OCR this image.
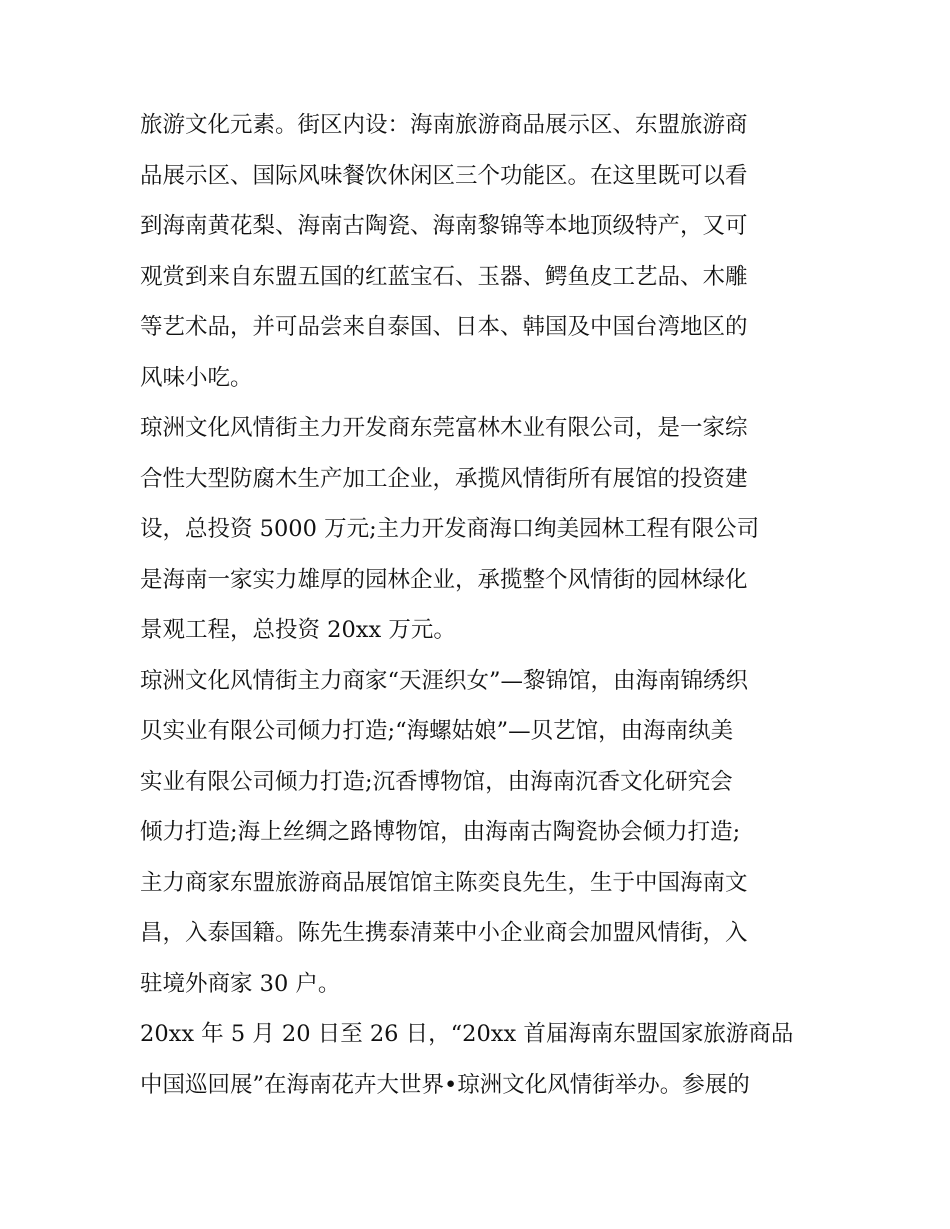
旅游文化元素。街区内设：海南旅游商品展示区、东盟旅游商
品展示区、国际风味餐饮休闲区三个功能区。在这里既可以看
到海南黄花梨、海南古陶瓷、海南黎锦等本地顶级特产，又可
观赏到来自东盟五国的红蓝宝石、玉器、鳄鱼皮工艺品、木雕
等艺术品，并可品尝来自泰国、日本、韩国及中国台湾地区的
风味小吃。
琼洲文化风情街主力开发商东莞富林木业有限公司，是一家综
合性大型防腐木生产加工企业，承揽风情街所有展馆的投资建
设，总投资 5000 万元;主力开发商海口绚美园林工程有限公司
是海南一家实力雄厚的园林企业，承揽整个风情街的园林绿化
景观工程，总投资 20xx 万元。
琼洲文化风情街主力商家“天涯织女”—黎锦馆，由海南锦绣织
贝实业有限公司倾力打造;“海螺姑娘”—贝艺馆，由海南纨美
实业有限公司倾力打造;沉香博物馆，由海南沉香文化研究会
倾力打造;海上丝绸之路博物馆，由海南古陶瓷协会倾力打造;
主力商家东盟旅游商品展馆馆主陈奕良先生，生于中国海南文
昌，入泰国籍。陈先生携泰清莱中小企业商会加盟风情街，入
驻境外商家 30 户。
20xx 年 5 月 20 日至 26 日，“20xx 首届海南东盟国家旅游商品
中国巡回展”在海南花卉大世界•琼洲文化风情街举办。参展的
